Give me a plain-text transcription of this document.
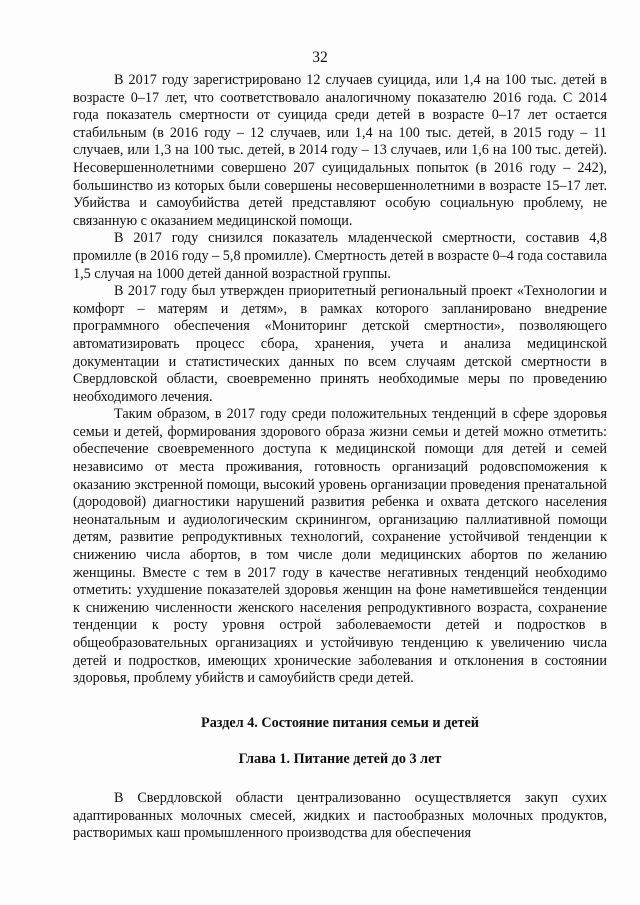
32

В 2017 году зарегистрировано 12 случаев суицида, или 1,4 на 100 тыс. детей в возрасте 0–17 лет, что соответствовало аналогичному показателю 2016 года. С 2014 года показатель смертности от суицида среди детей в возрасте 0–17 лет остается стабильным (в 2016 году – 12 случаев, или 1,4 на 100 тыс. детей, в 2015 году – 11 случаев, или 1,3 на 100 тыс. детей, в 2014 году – 13 случаев, или 1,6 на 100 тыс. детей). Несовершеннолетними совершено 207 суицидальных попыток (в 2016 году – 242), большинство из которых были совершены несовершеннолетними в возрасте 15–17 лет. Убийства и самоубийства детей представляют особую социальную проблему, не связанную с оказанием медицинской помощи.

В 2017 году снизился показатель младенческой смертности, составив 4,8 промилле (в 2016 году – 5,8 промилле). Смертность детей в возрасте 0–4 года составила 1,5 случая на 1000 детей данной возрастной группы.

В 2017 году был утвержден приоритетный региональный проект «Технологии и комфорт – матерям и детям», в рамках которого запланировано внедрение программного обеспечения «Мониторинг детской смертности», позволяющего автоматизировать процесс сбора, хранения, учета и анализа медицинской документации и статистических данных по всем случаям детской смертности в Свердловской области, своевременно принять необходимые меры по проведению необходимого лечения.

Таким образом, в 2017 году среди положительных тенденций в сфере здоровья семьи и детей, формирования здорового образа жизни семьи и детей можно отметить: обеспечение своевременного доступа к медицинской помощи для детей и семей независимо от места проживания, готовность организаций родовспоможения к оказанию экстренной помощи, высокий уровень организации проведения пренатальной (дородовой) диагностики нарушений развития ребенка и охвата детского населения неонатальным и аудиологическим скринингом, организацию паллиативной помощи детям, развитие репродуктивных технологий, сохранение устойчивой тенденции к снижению числа абортов, в том числе доли медицинских абортов по желанию женщины. Вместе с тем в 2017 году в качестве негативных тенденций необходимо отметить: ухудшение показателей здоровья женщин на фоне наметившейся тенденции к снижению численности женского населения репродуктивного возраста, сохранение тенденции к росту уровня острой заболеваемости детей и подростков в общеобразовательных организациях и устойчивую тенденцию к увеличению числа детей и подростков, имеющих хронические заболевания и отклонения в состоянии здоровья, проблему убийств и самоубийств среди детей.

Раздел 4. Состояние питания семьи и детей

Глава 1. Питание детей до 3 лет

В Свердловской области централизованно осуществляется закуп сухих адаптированных молочных смесей, жидких и пастообразных молочных продуктов, растворимых каш промышленного производства для обеспечения
